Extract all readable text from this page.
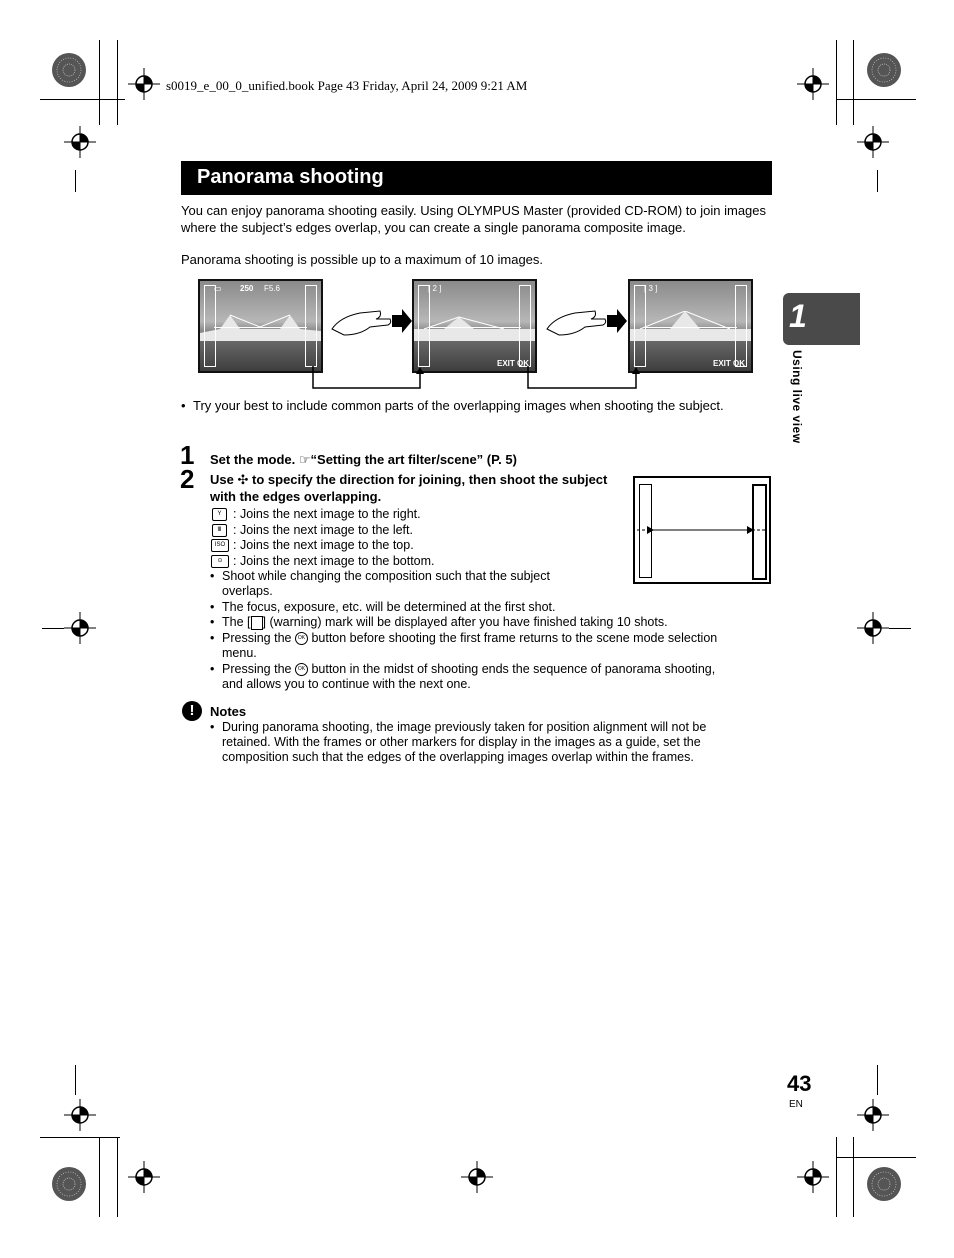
s0019_e_00_0_unified.book Page 43 Friday, April 24, 2009 9:21 AM
Panorama shooting
You can enjoy panorama shooting easily. Using OLYMPUS Master (provided CD-ROM) to join images where the subject’s edges overlap, you can create a single panorama composite image.
Panorama shooting is possible up to a maximum of 10 images.
▭ 250 F5.6	[ 2 ]
EXIT OK
[ 3 ]
EXIT OK
• Try your best to include common parts of the overlapping images when shooting the subject.
1 Set the mode. ☞“Setting the art filter/scene” (P. 5)
2 Use ✣ to specify the direction for joining, then shoot the subject with the edges overlapping.
Y : Joins the next image to the right.
Ⅲ : Joins the next image to the left.
ISO : Joins the next image to the top.
⊙ : Joins the next image to the bottom.
• Shoot while changing the composition such that the subject
overlaps.
• The focus, exposure, etc. will be determined at the first shot.
• The [ ] (warning) mark will be displayed after you have finished taking 10 shots.
• Pressing the OK button before shooting the first frame returns to the scene mode selection
menu.
• Pressing the OK button in the midst of shooting ends the sequence of panorama shooting,
and allows you to continue with the next one.
!	Notes
• During panorama shooting, the image previously taken for position alignment will not be
retained. With the frames or other markers for display in the images as a guide, set the
composition such that the edges of the overlapping images overlap within the frames.
1
Using live view
43
EN
